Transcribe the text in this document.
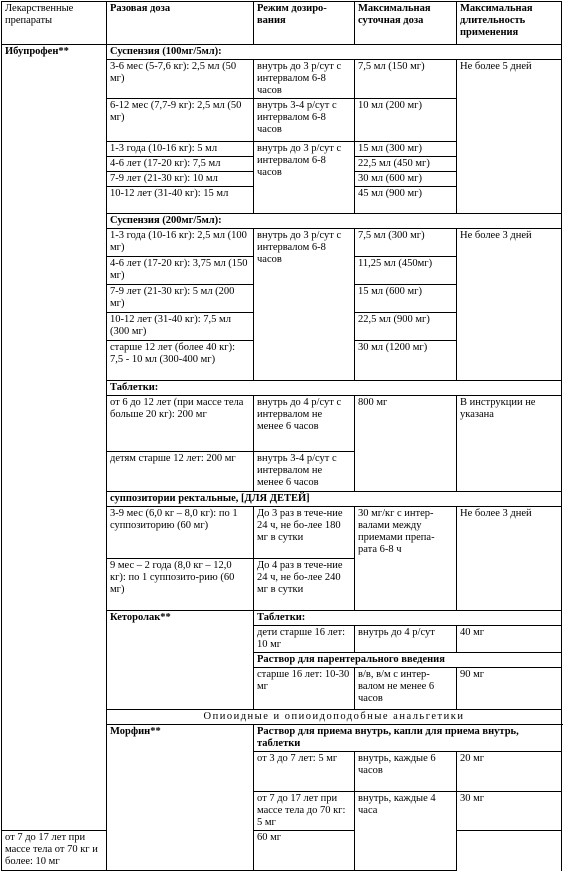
Лекарственные препараты	Разовая доза	Режим дозиро-вания	Максимальная суточная доза	Максимальная длительность применения	
Ибупрофен**	Суспензия (100мг/5мл):				
	3-6 мес (5-7,6 кг): 2,5 мл (50 мг)	внутрь до 3 р/сут с интервалом 6-8 часов	7,5 мл (150 мг)	Не более 5 дней	
	6-12 мес (7,7-9 кг): 2,5 мл (50 мг)	внутрь 3-4 р/сут с интервалом 6-8 часов	10 мл (200 мг)		
	1-3 года (10-16 кг): 5 мл	внутрь до 3 р/сут с интервалом 6-8 часов	15 мл (300 мг)		
	4-6 лет (17-20 кг): 7,5 мл		22,5 мл (450 мг)		
	7-9 лет (21-30 кг): 10 мл		30 мл (600 мг)		
	10-12 лет (31-40 кг): 15 мл		45 мл (900 мг)		
	Суспензия (200мг/5мл):				
	1-3 года (10-16 кг): 2,5 мл (100 мг)	внутрь до 3 р/сут с интервалом 6-8 часов	7,5 мл (300 мг)	Не более 3 дней	
	4-6 лет (17-20 кг): 3,75 мл (150 мг)		11,25 мл (450мг)		
	7-9 лет (21-30 кг): 5 мл (200 мг)		15 мл (600 мг)		
	10-12 лет (31-40 кг): 7,5 мл (300 мг)		22,5 мл (900 мг)		
	старше 12 лет (более 40 кг): 7,5 - 10 мл (300-400 мг)		30 мл (1200 мг)		
	Таблетки:				
	от 6 до 12 лет (при массе тела больше 20 кг): 200 мг	внутрь до 4 р/сут с интервалом не менее 6 часов	800 мг	В инструкции не указана	
	детям старше 12 лет: 200 мг	внутрь 3-4 р/сут с интервалом не менее 6 часов			
	суппозитории ректальные, [ДЛЯ ДЕТЕЙ]				
	3-9 мес (6,0 кг – 8,0 кг): по 1 суппозиторию (60 мг)	До 3 раз в тече-ние 24 ч, не бо-лее 180 мг в сутки	30 мг/кг с интер-валами между приемами препа-рата 6-8 ч	Не более 3 дней	
	9 мес – 2 года (8,0 кг – 12,0 кг): по 1 суппозито-рию (60 мг)	До 4 раз в тече-ние 24 ч, не бо-лее 240 мг в сутки			
	Кеторолак**	Таблетки:			
		дети старше 16 лет: 10 мг	внутрь до 4 р/сут	40 мг	
		Раствор для парентерального введения			
		старше 16 лет: 10-30 мг	в/в, в/м с интер-валом не менее 6 часов	90 мг	
	Опиоидные и опиоидоподобные анальгетики				
	Морфин**	Раствор для приема внутрь, капли для приема внутрь, таблетки			
		от 3 до 7 лет: 5 мг	внутрь, каждые 6 часов	20 мг	
		от 7 до 17 лет при массе тела до 70 кг: 5 мг	внутрь, каждые 4 часа	30 мг	
от 7 до 17 лет при массе тела от 70 кг и более: 10 мг		60 мг			
